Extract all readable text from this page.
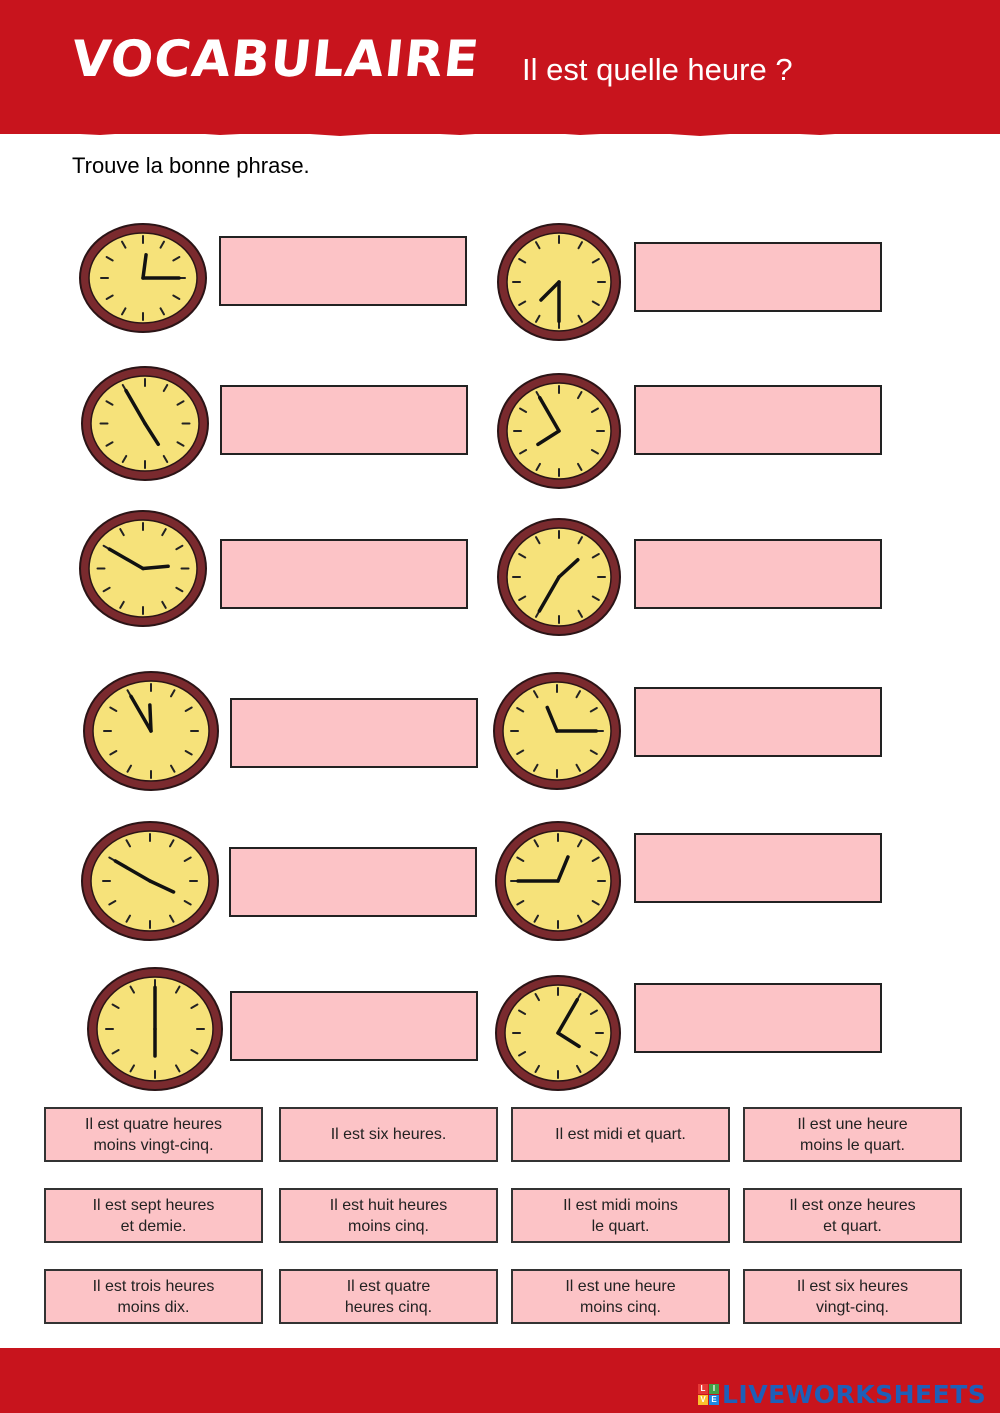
VOCABULAIRE Il est quelle heure ?
Trouve la bonne phrase.
Il est quatre heures
moins vingt-cinq.
Il est six heures.	Il est midi et quart.
Il est une heure
moins le quart.
Il est sept heures
et demie.
Il est huit heures
moins cinq.
Il est midi moins
le quart.
Il est onze heures
et quart.
Il est trois heures
moins dix.
Il est quatre
heures cinq.
Il est une heure
moins cinq.
Il est six heures
vingt-cinq.
L I
V E LIVEWORKSHEETS
